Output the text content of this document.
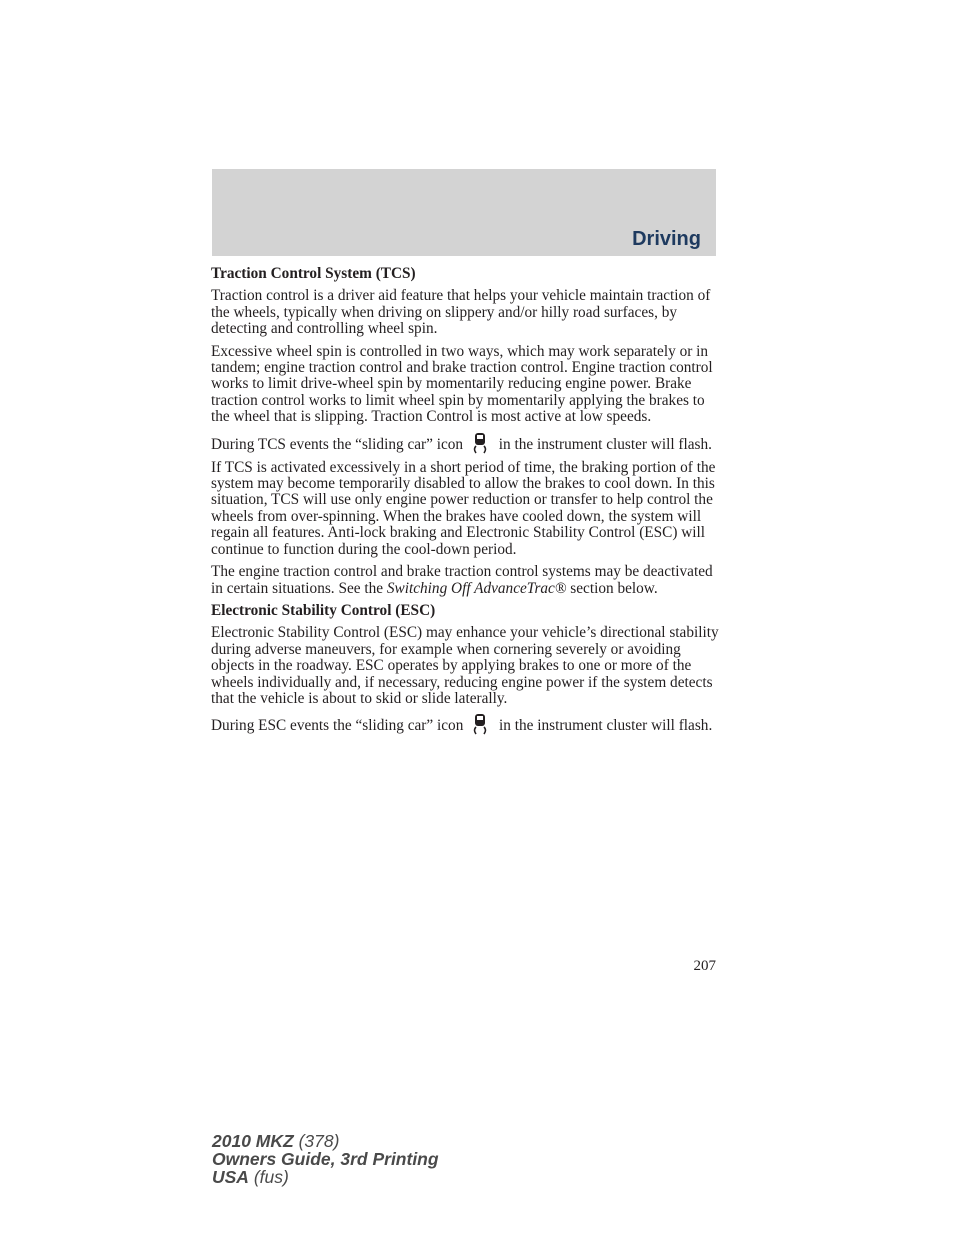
Driving
Traction Control System (TCS)

Traction control is a driver aid feature that helps your vehicle maintain traction of the wheels, typically when driving on slippery and/or hilly road surfaces, by detecting and controlling wheel spin.

Excessive wheel spin is controlled in two ways, which may work separately or in tandem; engine traction control and brake traction control. Engine traction control works to limit drive-wheel spin by momentarily reducing engine power. Brake traction control works to limit wheel spin by momentarily applying the brakes to the wheel that is slipping. Traction Control is most active at low speeds.

During TCS events the “sliding car” icon in the instrument cluster will flash.

If TCS is activated excessively in a short period of time, the braking portion of the system may become temporarily disabled to allow the brakes to cool down. In this situation, TCS will use only engine power reduction or transfer to help control the wheels from over-spinning. When the brakes have cooled down, the system will regain all features. Anti-lock braking and Electronic Stability Control (ESC) will continue to function during the cool-down period.

The engine traction control and brake traction control systems may be deactivated in certain situations. See the Switching Off AdvanceTrac® section below.

Electronic Stability Control (ESC)

Electronic Stability Control (ESC) may enhance your vehicle’s directional stability during adverse maneuvers, for example when cornering severely or avoiding objects in the roadway. ESC operates by applying brakes to one or more of the wheels individually and, if necessary, reducing engine power if the system detects that the vehicle is about to skid or slide laterally.

During ESC events the “sliding car” icon in the instrument cluster will flash.

207
2010 MKZ (378)
Owners Guide, 3rd Printing
USA (fus)
